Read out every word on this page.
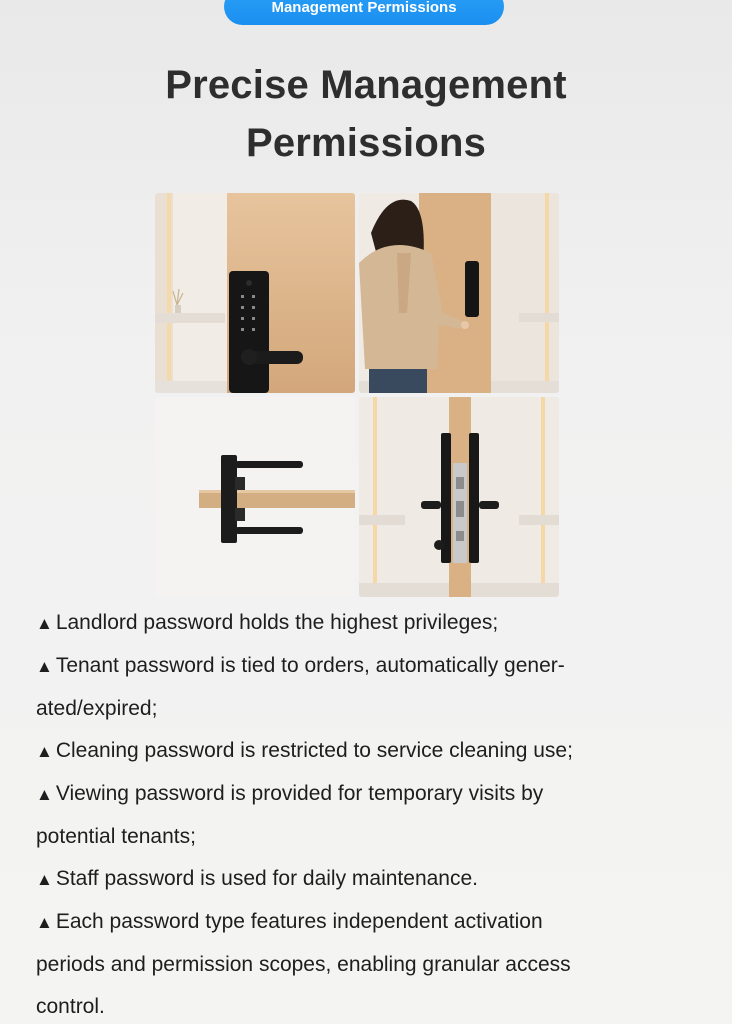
Management Permissions
Precise Management
Permissions

▲ Landlord password holds the highest privileges;

▲ Tenant password is tied to orders, automatically gener-
ated/expired;

▲ Cleaning password is restricted to service cleaning use;

▲ Viewing password is provided for temporary visits by
potential tenants;

▲ Staff password is used for daily maintenance.

▲ Each password type features independent activation
periods and permission scopes, enabling granular access
control.
